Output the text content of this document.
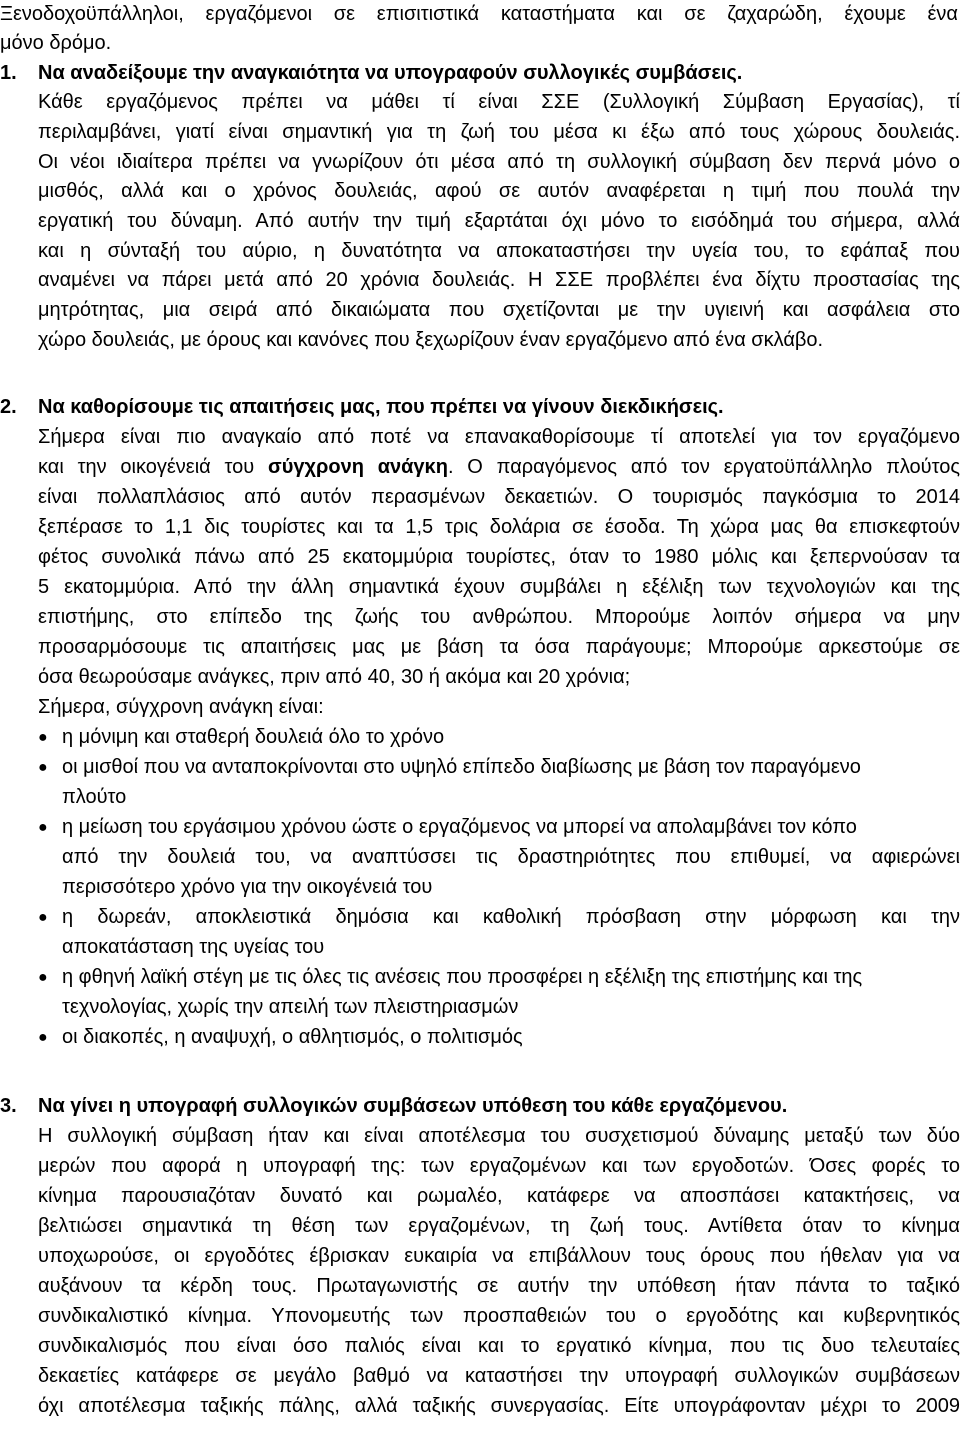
Ξενοδοχοϋπάλληλοι, εργαζόμενοι σε επισιτιστικά καταστήματα και σε ζαχαρώδη, έχουμε ένα
μόνο δρόμο.
1. Να αναδείξουμε την αναγκαιότητα να υπογραφούν συλλογικές συμβάσεις.
Κάθε εργαζόμενος πρέπει να μάθει τί είναι ΣΣΕ (Συλλογική Σύμβαση Εργασίας), τί
περιλαμβάνει, γιατί είναι σημαντική για τη ζωή του μέσα κι έξω από τους χώρους δουλειάς.
Οι νέοι ιδιαίτερα πρέπει να γνωρίζουν ότι μέσα από τη συλλογική σύμβαση δεν περνά μόνο ο
μισθός, αλλά και ο χρόνος δουλειάς, αφού σε αυτόν αναφέρεται η τιμή που πουλά την
εργατική του δύναμη. Από αυτήν την τιμή εξαρτάται όχι μόνο το εισόδημά του σήμερα, αλλά
και η σύνταξή του αύριο, η δυνατότητα να αποκαταστήσει την υγεία του, το εφάπαξ που
αναμένει να πάρει μετά από 20 χρόνια δουλειάς. Η ΣΣΕ προβλέπει ένα δίχτυ προστασίας της
μητρότητας, μια σειρά από δικαιώματα που σχετίζονται με την υγιεινή και ασφάλεια στο
χώρο δουλειάς, με όρους και κανόνες που ξεχωρίζουν έναν εργαζόμενο από ένα σκλάβο.
2. Να καθορίσουμε τις απαιτήσεις μας, που πρέπει να γίνουν διεκδικήσεις.
Σήμερα είναι πιο αναγκαίο από ποτέ να επανακαθορίσουμε τί αποτελεί για τον εργαζόμενο
και την οικογένειά του σύγχρονη ανάγκη. Ο παραγόμενος από τον εργατοϋπάλληλο πλούτος
είναι πολλαπλάσιος από αυτόν περασμένων δεκαετιών. Ο τουρισμός παγκόσμια το 2014
ξεπέρασε το 1,1 δις τουρίστες και τα 1,5 τρις δολάρια σε έσοδα. Τη χώρα μας θα επισκεφτούν
φέτος συνολικά πάνω από 25 εκατομμύρια τουρίστες, όταν το 1980 μόλις και ξεπερνούσαν τα
5 εκατομμύρια. Από την άλλη σημαντικά έχουν συμβάλει η εξέλιξη των τεχνολογιών και της
επιστήμης, στο επίπεδο της ζωής του ανθρώπου. Μπορούμε λοιπόν σήμερα να μην
προσαρμόσουμε τις απαιτήσεις μας με βάση τα όσα παράγουμε; Μπορούμε αρκεστούμε σε
όσα θεωρούσαμε ανάγκες, πριν από 40, 30 ή ακόμα και 20 χρόνια;
Σήμερα, σύγχρονη ανάγκη είναι:
● η μόνιμη και σταθερή δουλειά όλο το χρόνο
● οι μισθοί που να ανταποκρίνονται στο υψηλό επίπεδο διαβίωσης με βάση τον παραγόμενο
πλούτο
● η μείωση του εργάσιμου χρόνου ώστε ο εργαζόμενος να μπορεί να απολαμβάνει τον κόπο
από την δουλειά του, να αναπτύσσει τις δραστηριότητες που επιθυμεί, να αφιερώνει
περισσότερο χρόνο για την οικογένειά του
● η δωρεάν, αποκλειστικά δημόσια και καθολική πρόσβαση στην μόρφωση και την
αποκατάσταση της υγείας του
● η φθηνή λαϊκή στέγη με τις όλες τις ανέσεις που προσφέρει η εξέλιξη της επιστήμης και της
τεχνολογίας, χωρίς την απειλή των πλειστηριασμών
● οι διακοπές, η αναψυχή, ο αθλητισμός, ο πολιτισμός
3. Να γίνει η υπογραφή συλλογικών συμβάσεων υπόθεση του κάθε εργαζόμενου.
Η συλλογική σύμβαση ήταν και είναι αποτέλεσμα του συσχετισμού δύναμης μεταξύ των δύο
μερών που αφορά η υπογραφή της: των εργαζομένων και των εργοδοτών. Όσες φορές το
κίνημα παρουσιαζόταν δυνατό και ρωμαλέο, κατάφερε να αποσπάσει κατακτήσεις, να
βελτιώσει σημαντικά τη θέση των εργαζομένων, τη ζωή τους. Αντίθετα όταν το κίνημα
υποχωρούσε, οι εργοδότες έβρισκαν ευκαιρία να επιβάλλουν τους όρους που ήθελαν για να
αυξάνουν τα κέρδη τους. Πρωταγωνιστής σε αυτήν την υπόθεση ήταν πάντα το ταξικό
συνδικαλιστικό κίνημα. Υπονομευτής των προσπαθειών του ο εργοδότης και κυβερνητικός
συνδικαλισμός που είναι όσο παλιός είναι και το εργατικό κίνημα, που τις δυο τελευταίες
δεκαετίες κατάφερε σε μεγάλο βαθμό να καταστήσει την υπογραφή συλλογικών συμβάσεων
όχι αποτέλεσμα ταξικής πάλης, αλλά ταξικής συνεργασίας. Είτε υπογράφονταν μέχρι το 2009
